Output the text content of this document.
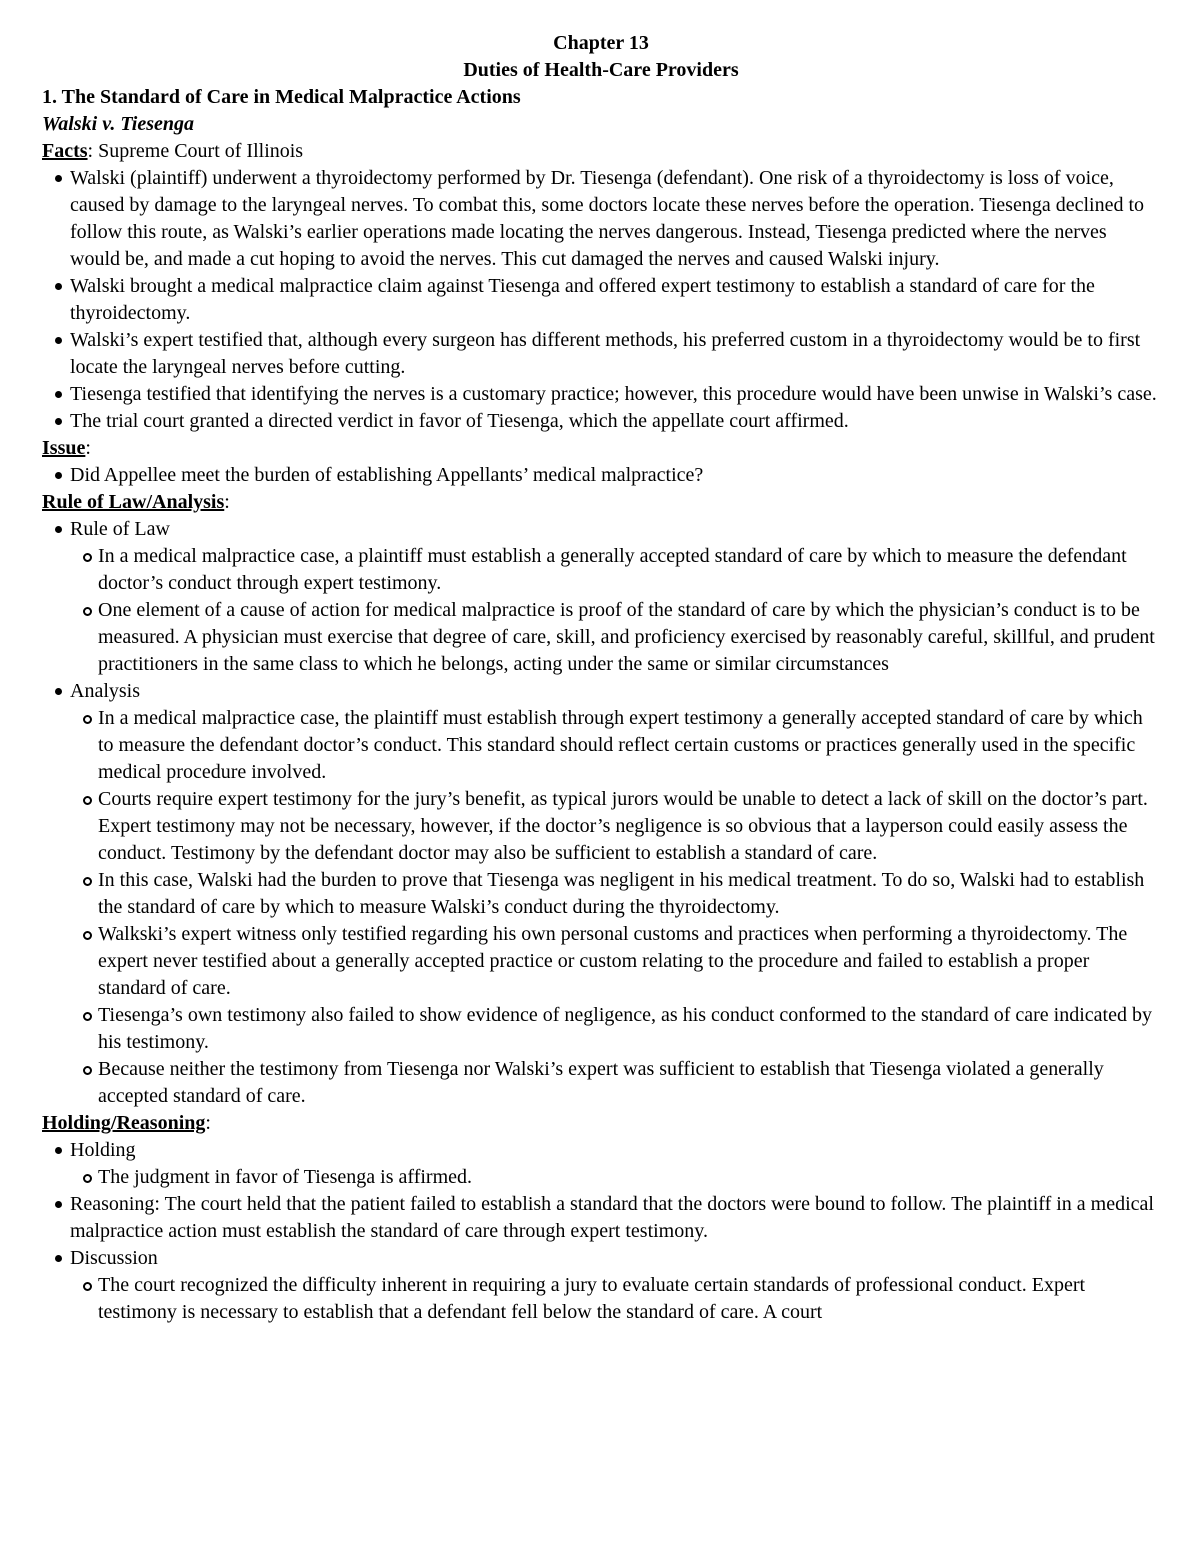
Chapter 13
Duties of Health-Care Providers
1. The Standard of Care in Medical Malpractice Actions
Walski v. Tiesenga
Facts: Supreme Court of Illinois
Walski (plaintiff) underwent a thyroidectomy performed by Dr. Tiesenga (defendant). One risk of a thyroidectomy is loss of voice, caused by damage to the laryngeal nerves. To combat this, some doctors locate these nerves before the operation. Tiesenga declined to follow this route, as Walski’s earlier operations made locating the nerves dangerous. Instead, Tiesenga predicted where the nerves would be, and made a cut hoping to avoid the nerves. This cut damaged the nerves and caused Walski injury.
Walski brought a medical malpractice claim against Tiesenga and offered expert testimony to establish a standard of care for the thyroidectomy.
Walski’s expert testified that, although every surgeon has different methods, his preferred custom in a thyroidectomy would be to first locate the laryngeal nerves before cutting.
Tiesenga testified that identifying the nerves is a customary practice; however, this procedure would have been unwise in Walski’s case.
The trial court granted a directed verdict in favor of Tiesenga, which the appellate court affirmed.
Issue:
Did Appellee meet the burden of establishing Appellants’ medical malpractice?
Rule of Law/Analysis:
Rule of Law
In a medical malpractice case, a plaintiff must establish a generally accepted standard of care by which to measure the defendant doctor’s conduct through expert testimony.
One element of a cause of action for medical malpractice is proof of the standard of care by which the physician’s conduct is to be measured. A physician must exercise that degree of care, skill, and proficiency exercised by reasonably careful, skillful, and prudent practitioners in the same class to which he belongs, acting under the same or similar circumstances
Analysis
In a medical malpractice case, the plaintiff must establish through expert testimony a generally accepted standard of care by which to measure the defendant doctor’s conduct. This standard should reflect certain customs or practices generally used in the specific medical procedure involved.
Courts require expert testimony for the jury’s benefit, as typical jurors would be unable to detect a lack of skill on the doctor’s part. Expert testimony may not be necessary, however, if the doctor’s negligence is so obvious that a layperson could easily assess the conduct. Testimony by the defendant doctor may also be sufficient to establish a standard of care.
In this case, Walski had the burden to prove that Tiesenga was negligent in his medical treatment. To do so, Walski had to establish the standard of care by which to measure Walski’s conduct during the thyroidectomy.
Walkski’s expert witness only testified regarding his own personal customs and practices when performing a thyroidectomy. The expert never testified about a generally accepted practice or custom relating to the procedure and failed to establish a proper standard of care.
Tiesenga’s own testimony also failed to show evidence of negligence, as his conduct conformed to the standard of care indicated by his testimony.
Because neither the testimony from Tiesenga nor Walski’s expert was sufficient to establish that Tiesenga violated a generally accepted standard of care.
Holding/Reasoning:
Holding
The judgment in favor of Tiesenga is affirmed.
Reasoning: The court held that the patient failed to establish a standard that the doctors were bound to follow. The plaintiff in a medical malpractice action must establish the standard of care through expert testimony.
Discussion
The court recognized the difficulty inherent in requiring a jury to evaluate certain standards of professional conduct. Expert testimony is necessary to establish that a defendant fell below the standard of care. A court
